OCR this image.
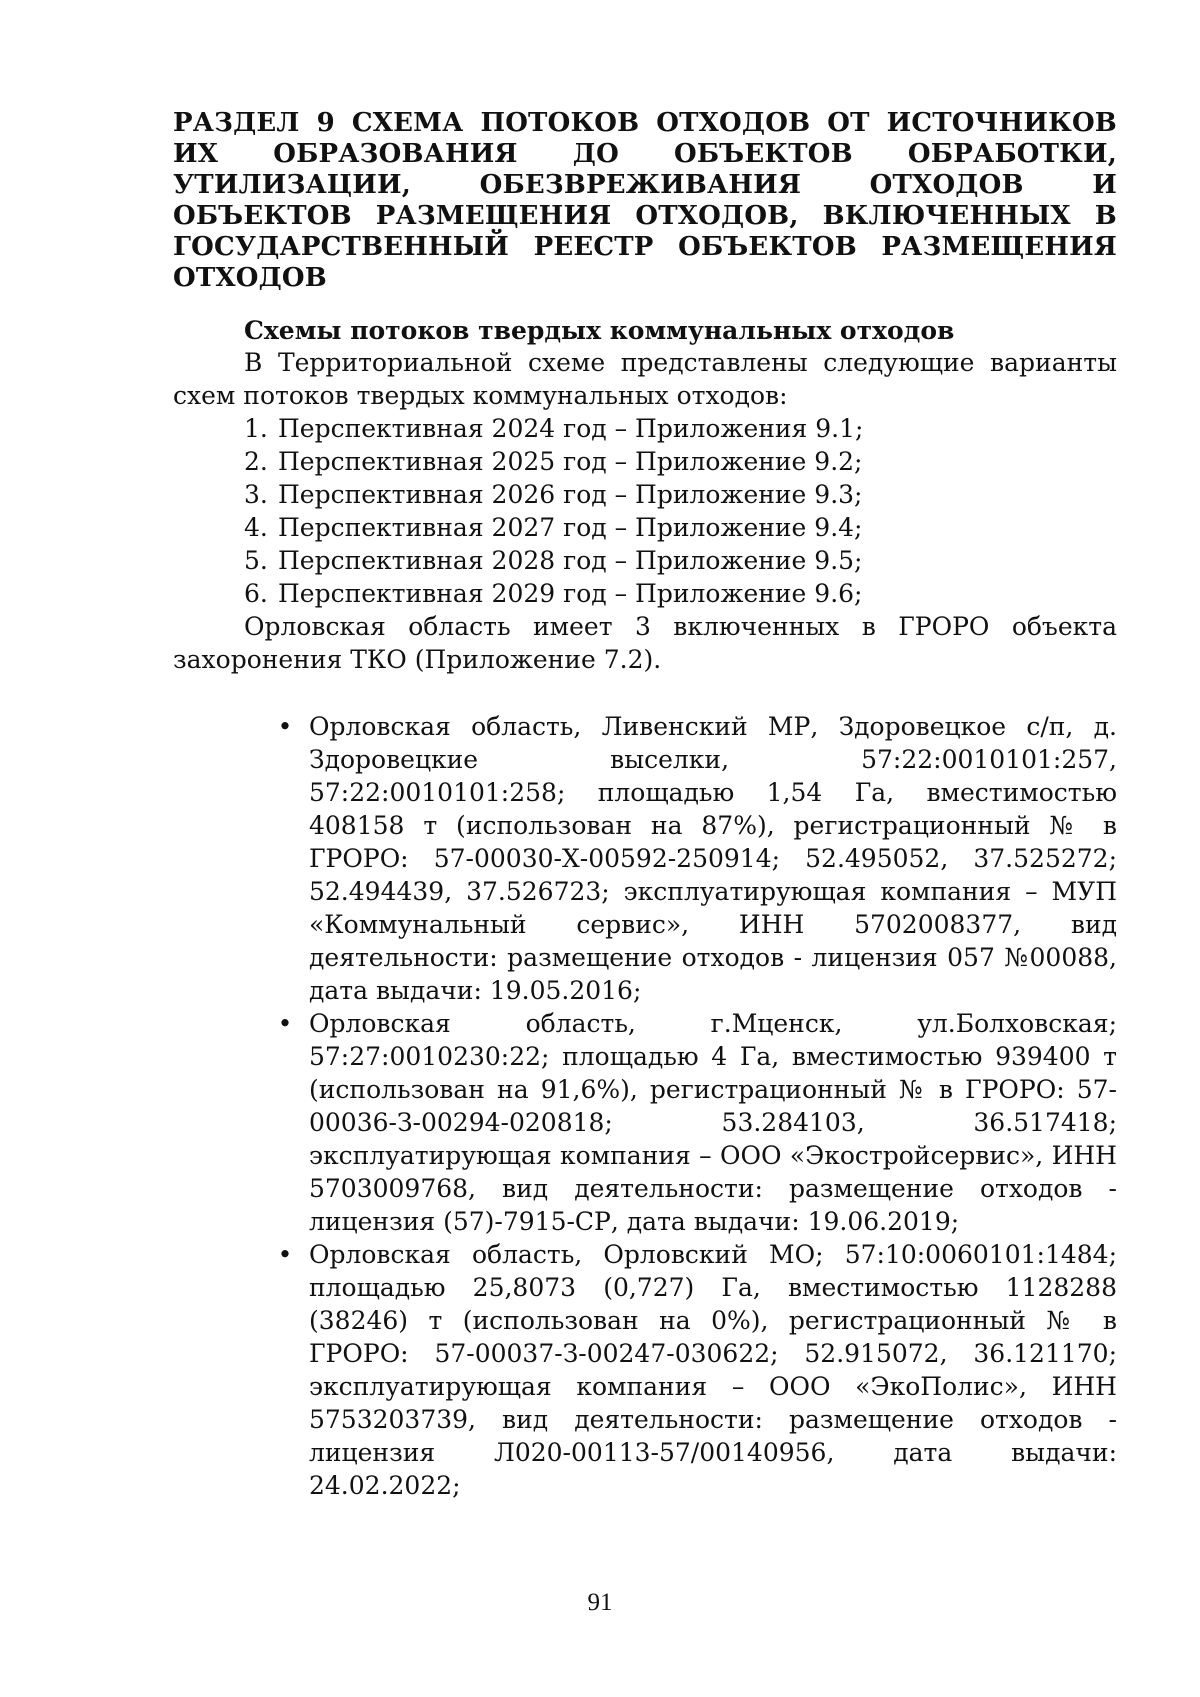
РАЗДЕЛ 9 СХЕМА ПОТОКОВ ОТХОДОВ ОТ ИСТОЧНИКОВ ИХ ОБРАЗОВАНИЯ ДО ОБЪЕКТОВ ОБРАБОТКИ, УТИЛИЗАЦИИ, ОБЕЗВРЕЖИВАНИЯ ОТХОДОВ И ОБЪЕКТОВ РАЗМЕЩЕНИЯ ОТХОДОВ, ВКЛЮЧЕННЫХ В ГОСУДАРСТВЕННЫЙ РЕЕСТР ОБЪЕКТОВ РАЗМЕЩЕНИЯ ОТХОДОВ
Схемы потоков твердых коммунальных отходов

В Территориальной схеме представлены следующие варианты схем потоков твердых коммунальных отходов:

1. Перспективная 2024 год – Приложения 9.1;
2. Перспективная 2025 год – Приложение 9.2;
3. Перспективная 2026 год – Приложение 9.3;
4. Перспективная 2027 год – Приложение 9.4;
5. Перспективная 2028 год – Приложение 9.5;
6. Перспективная 2029 год – Приложение 9.6;

Орловская область имеет 3 включенных в ГРОРО объекта захоронения ТКО (Приложение 7.2).

• Орловская область, Ливенский МР, Здоровецкое с/п, д. Здоровецкие выселки, 57:22:0010101:257, 57:22:0010101:258; площадью 1,54 Га, вместимостью 408158 т (использован на 87%), регистрационный № в ГРОРО: 57-00030-Х-00592-250914; 52.495052, 37.525272; 52.494439, 37.526723; эксплуатирующая компания – МУП «Коммунальный сервис», ИНН 5702008377, вид деятельности: размещение отходов - лицензия 057 №00088, дата выдачи: 19.05.2016;
• Орловская область, г.Мценск, ул.Болховская; 57:27:0010230:22; площадью 4 Га, вместимостью 939400 т (использован на 91,6%), регистрационный № в ГРОРО: 57-00036-З-00294-020818; 53.284103, 36.517418; эксплуатирующая компания – ООО «Экостройсервис», ИНН 5703009768, вид деятельности: размещение отходов - лицензия (57)-7915-СР, дата выдачи: 19.06.2019;
• Орловская область, Орловский МО; 57:10:0060101:1484; площадью 25,8073 (0,727) Га, вместимостью 1128288 (38246) т (использован на 0%), регистрационный № в ГРОРО: 57-00037-З-00247-030622; 52.915072, 36.121170; эксплуатирующая компания – ООО «ЭкоПолис», ИНН 5753203739, вид деятельности: размещение отходов - лицензия Л020-00113-57/00140956, дата выдачи: 24.02.2022;
91
